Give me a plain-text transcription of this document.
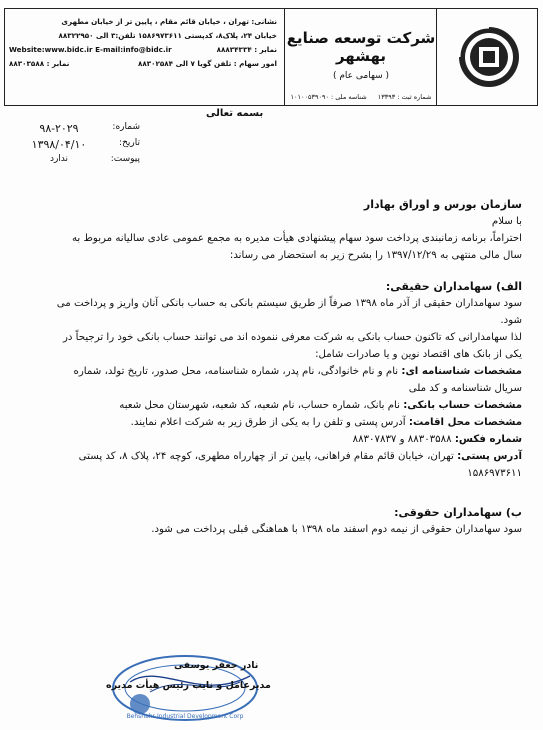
شرکت توسعه صنایع بهشهر
( سهامی عام )
شماره ثبت : ۱۳۳۹۳
شناسه ملی : ۱۰۱۰۰۵۳۹۰۹۰
نشانی: تهران ، خیابان قائم مقام ، پایین تر از خیابان مطهری
خیابان ۲۴، پلاک۸، کدپستی ۱۵۸۶۹۷۳۶۱۱ تلفن:۳ الی ۸۸۳۲۲۹۵۰
نمابر : ۸۸۸۳۴۳۳۴
Website:www.bidc.ir E-mail:info@bidc.ir
امور سهام : تلفن گویا ۷ الی ۸۸۳۰۲۵۸۴
نمابر : ۸۸۳۰۳۵۸۸
بسمه تعالی
شماره:
۹۸-۲۰۲۹
تاریخ:
۱۳۹۸/۰۴/۱۰
پیوست:
ندارد

سازمان بورس و اوراق بهادار

با سلام

احتراماً، برنامه زمانبندی پرداخت سود سهام پیشنهادی هیأت مدیره به مجمع عمومی عادی سالیانه مربوط به سال مالی منتهی به ۱۳۹۷/۱۲/۲۹ را بشرح زیر به استحضار می رساند:

الف) سهامداران حقیقی:

سود سهامداران حقیقی از آذر ماه ۱۳۹۸ صرفاً از طریق سیستم بانکی به حساب بانکی آنان واریز و پرداخت می شود.

لذا سهامدارانی که تاکنون حساب بانکی به شرکت معرفی ننموده اند می توانند حساب بانکی خود را ترجیحاً در یکی از بانک های اقتصاد نوین و یا صادرات شامل:

مشخصات شناسنامه ای: نام و نام خانوادگی، نام پدر، شماره شناسنامه، محل صدور، تاریخ تولد، شماره سریال شناسنامه و کد ملی

مشخصات حساب بانکی: نام بانک، شماره حساب، نام شعبه، کد شعبه، شهرستان محل شعبه

مشخصات محل اقامت: آدرس پستی و تلفن را به یکی از طرق زیر به شرکت اعلام نمایند.

شماره فکس: ۸۸۳۰۳۵۸۸ و ۸۸۳۰۷۸۳۷

آدرس پستی: تهران، خیابان قائم مقام فراهانی، پایین تر از چهارراه مطهری، کوچه ۲۴، پلاک ۸، کد پستی ۱۵۸۶۹۷۳۶۱۱

ب) سهامداران حقوقی:

سود سهامداران حقوقی از نیمه دوم اسفند ماه ۱۳۹۸ با هماهنگی قبلی پرداخت می شود.

Behshahr Industrial Development Corp
نادر جعفر یوسفی
مدیرعامل و نایب رئیس هیأت مدیره
